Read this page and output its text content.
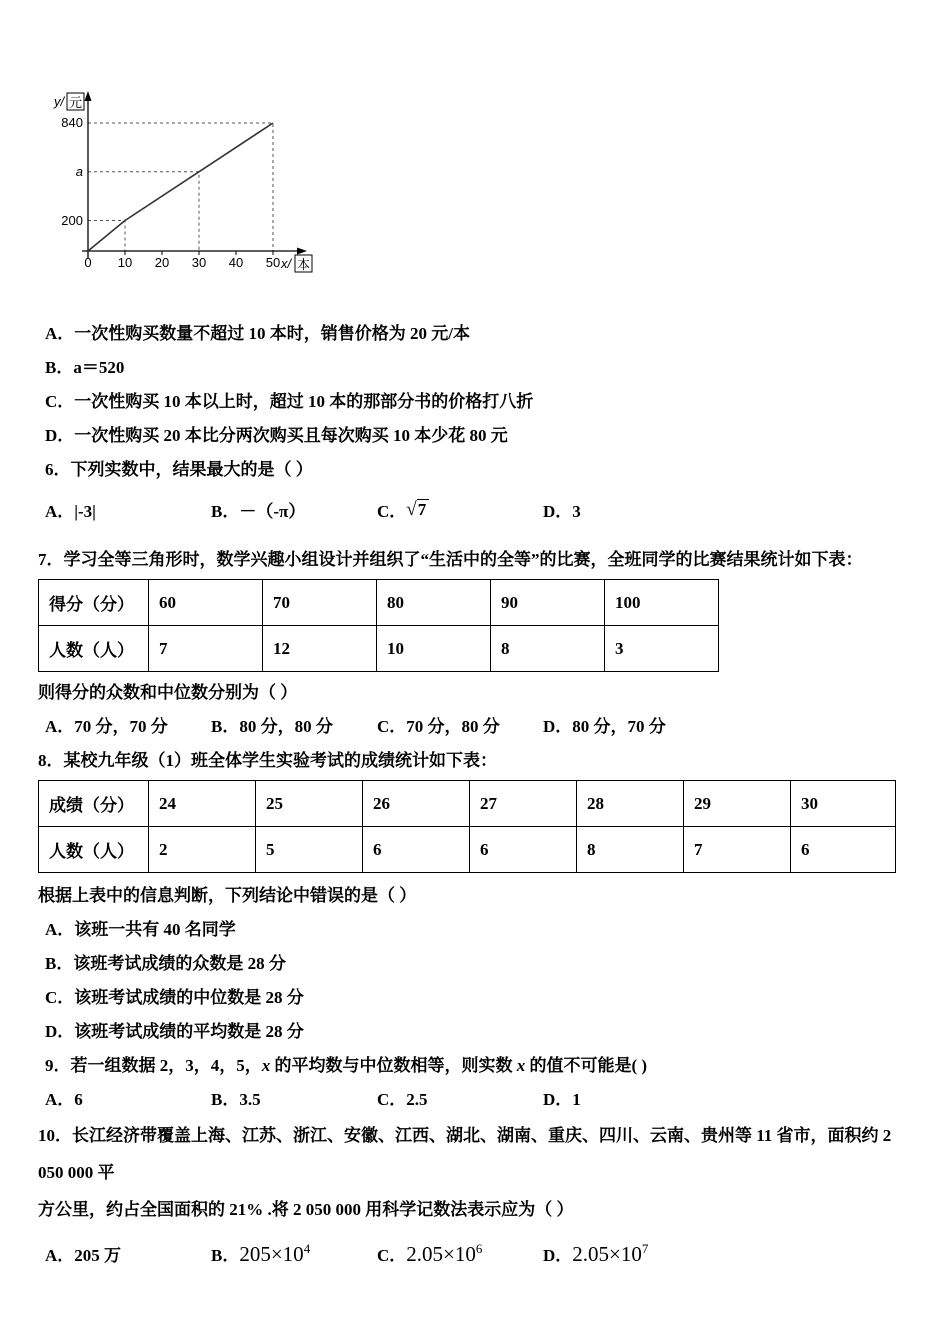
840
a
200
0 10 20 30 40 50
y/ 元
x/ 本
A．一次性购买数量不超过 10 本时，销售价格为 20 元/本
B．a＝520
C．一次性购买 10 本以上时，超过 10 本的那部分书的价格打八折
D．一次性购买 20 本比分两次购买且每次购买 10 本少花 80 元
6．下列实数中，结果最大的是（ ）
A．|-3|	B．－（-π）	C．√7	D．3
7．学习全等三角形时，数学兴趣小组设计并组织了“生活中的全等”的比赛，全班同学的比赛结果统计如下表：
得分（分）	60	70	80	90	100
人数（人）	7	12	10	8	3
则得分的众数和中位数分别为（ ）
A．70 分，70 分	B．80 分，80 分	C．70 分，80 分	D．80 分，70 分
8．某校九年级（1）班全体学生实验考试的成绩统计如下表：
成绩（分）	24	25	26	27	28	29	30
人数（人）	2	5	6	6	8	7	6
根据上表中的信息判断，下列结论中错误的是（ ）
A．该班一共有 40 名同学
B．该班考试成绩的众数是 28 分
C．该班考试成绩的中位数是 28 分
D．该班考试成绩的平均数是 28 分
9．若一组数据 2，3，4，5，x 的平均数与中位数相等，则实数 x 的值不可能是( )
A．6	B．3.5	C．2.5	D．1
10．长江经济带覆盖上海、江苏、浙江、安徽、江西、湖北、湖南、重庆、四川、云南、贵州等 11 省市，面积约 2 050 000 平
方公里，约占全国面积的 21% .将 2 050 000 用科学记数法表示应为（ ）
A．205 万	B．$205\times 10^4$	C．$2.05\times 10^6$	D．$2.05\times 10^7$
